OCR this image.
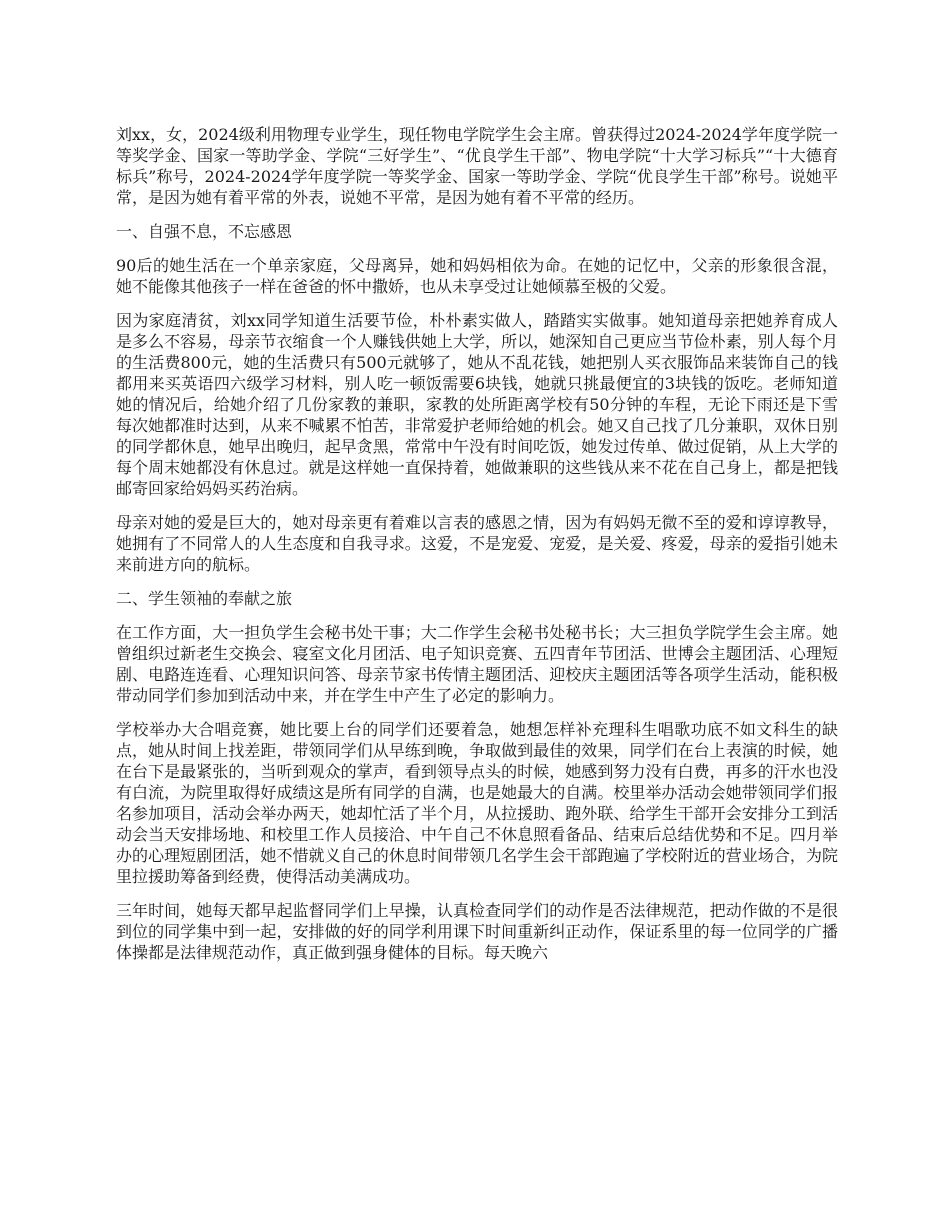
刘xx，女，2024级利用物理专业学生，现任物电学院学生会主席。曾获得过2024-2024学年度学院一等奖学金、国家一等助学金、学院“三好学生”、“优良学生干部”、物电学院“十大学习标兵”“十大德育标兵”称号，2024-2024学年度学院一等奖学金、国家一等助学金、学院“优良学生干部”称号。说她平常，是因为她有着平常的外表，说她不平常，是因为她有着不平常的经历。

一、自强不息，不忘感恩

90后的她生活在一个单亲家庭，父母离异，她和妈妈相依为命。在她的记忆中，父亲的形象很含混，她不能像其他孩子一样在爸爸的怀中撒娇，也从未享受过让她倾慕至极的父爱。

因为家庭清贫，刘xx同学知道生活要节俭，朴朴素实做人，踏踏实实做事。她知道母亲把她养育成人是多么不容易，母亲节衣缩食一个人赚钱供她上大学，所以，她深知自己更应当节俭朴素，别人每个月的生活费800元，她的生活费只有500元就够了，她从不乱花钱，她把别人买衣服饰品来装饰自己的钱都用来买英语四六级学习材料，别人吃一顿饭需要6块钱，她就只挑最便宜的3块钱的饭吃。老师知道她的情况后，给她介绍了几份家教的兼职，家教的处所距离学校有50分钟的车程，无论下雨还是下雪每次她都准时达到，从来不喊累不怕苦，非常爱护老师给她的机会。她又自己找了几分兼职，双休日别的同学都休息，她早出晚归，起早贪黑，常常中午没有时间吃饭，她发过传单、做过促销，从上大学的每个周末她都没有休息过。就是这样她一直保持着，她做兼职的这些钱从来不花在自己身上，都是把钱邮寄回家给妈妈买药治病。

母亲对她的爱是巨大的，她对母亲更有着难以言表的感恩之情，因为有妈妈无微不至的爱和谆谆教导，她拥有了不同常人的人生态度和自我寻求。这爱，不是宠爱、宠爱，是关爱、疼爱，母亲的爱指引她未来前进方向的航标。

二、学生领袖的奉献之旅

在工作方面，大一担负学生会秘书处干事；大二作学生会秘书处秘书长；大三担负学院学生会主席。她曾组织过新老生交换会、寝室文化月团活、电子知识竞赛、五四青年节团活、世博会主题团活、心理短剧、电路连连看、心理知识问答、母亲节家书传情主题团活、迎校庆主题团活等各项学生活动，能积极带动同学们参加到活动中来，并在学生中产生了必定的影响力。

学校举办大合唱竞赛，她比要上台的同学们还要着急，她想怎样补充理科生唱歌功底不如文科生的缺点，她从时间上找差距，带领同学们从早练到晚，争取做到最佳的效果，同学们在台上表演的时候，她在台下是最紧张的，当听到观众的掌声，看到领导点头的时候，她感到努力没有白费，再多的汗水也没有白流，为院里取得好成绩这是所有同学的自满，也是她最大的自满。校里举办活动会她带领同学们报名参加项目，活动会举办两天，她却忙活了半个月，从拉援助、跑外联、给学生干部开会安排分工到活动会当天安排场地、和校里工作人员接洽、中午自己不休息照看备品、结束后总结优势和不足。四月举办的心理短剧团活，她不惜就义自己的休息时间带领几名学生会干部跑遍了学校附近的营业场合，为院里拉援助筹备到经费，使得活动美满成功。

三年时间，她每天都早起监督同学们上早操，认真检查同学们的动作是否法律规范，把动作做的不是很到位的同学集中到一起，安排做的好的同学利用课下时间重新纠正动作，保证系里的每一位同学的广播体操都是法律规范动作，真正做到强身健体的目标。每天晚六
